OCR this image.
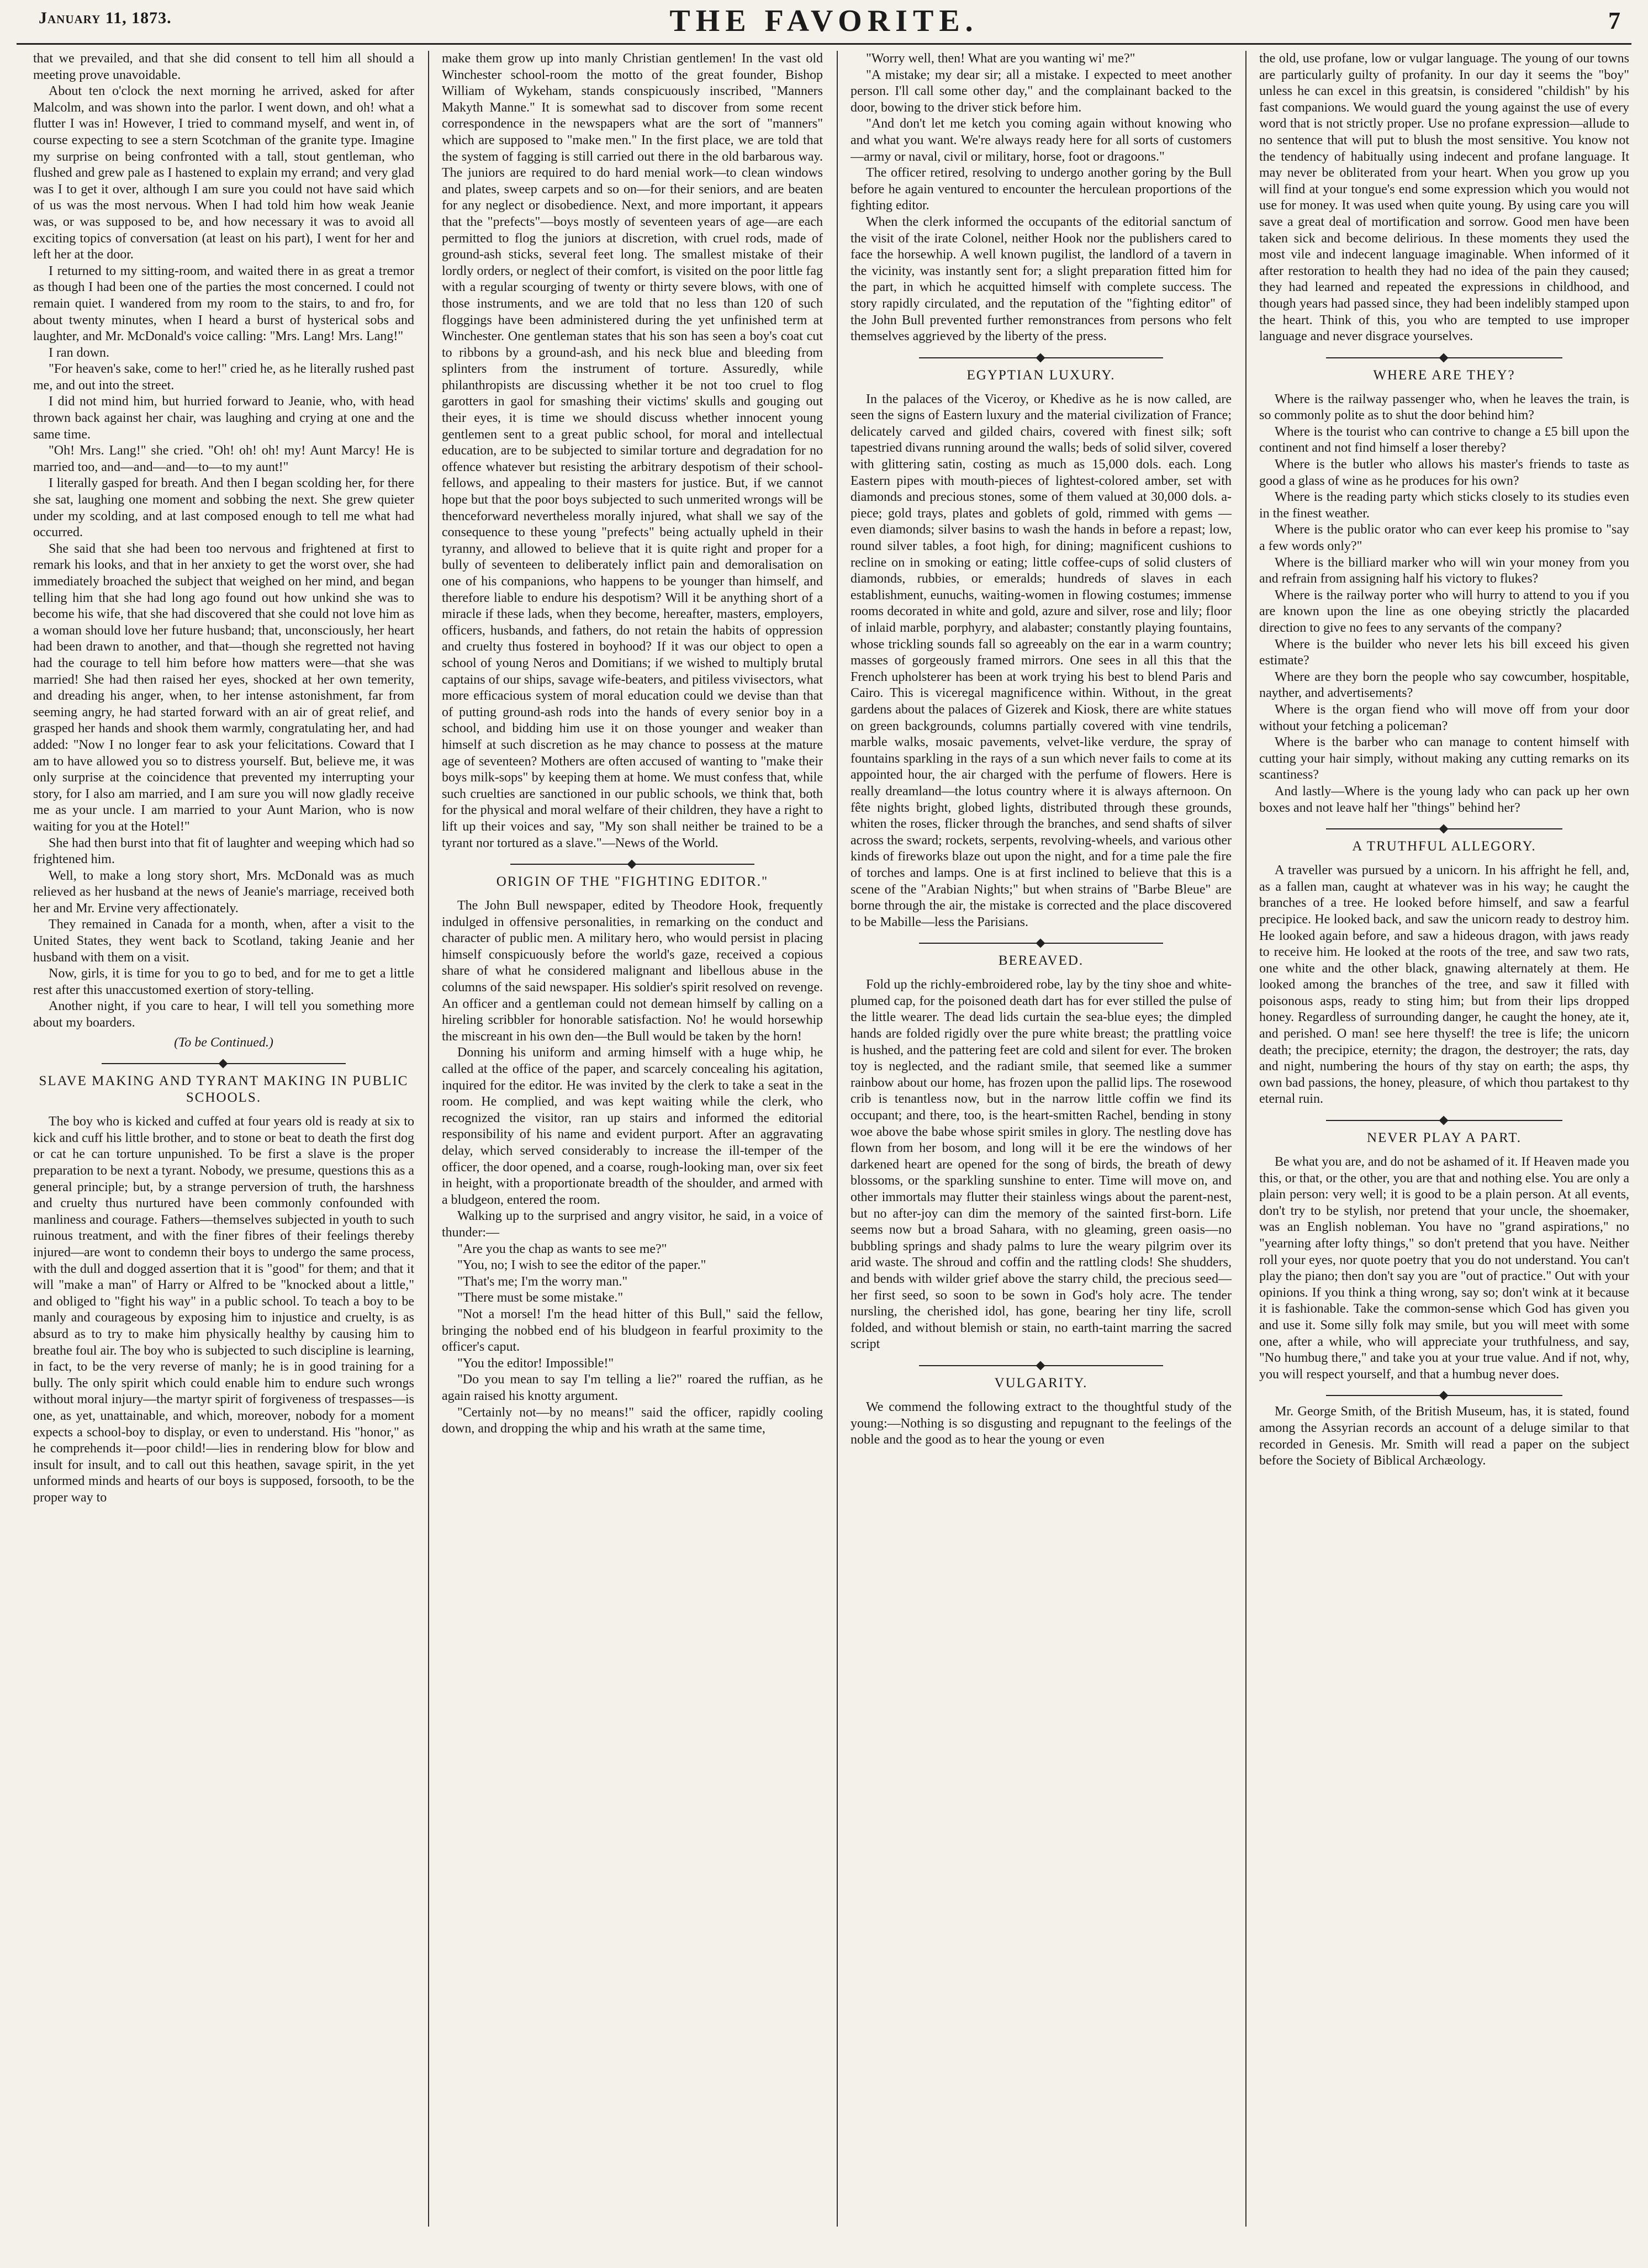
January 11, 1873.	THE FAVORITE.	7

that we prevailed, and that she did consent to tell him all should a meeting prove unavoidable.

About ten o'clock the next morning he arrived, asked for after Malcolm, and was shown into the parlor. I went down, and oh! what a flutter I was in! However, I tried to command myself, and went in, of course expecting to see a stern Scotchman of the granite type. Imagine my surprise on being confronted with a tall, stout gentleman, who flushed and grew pale as I hastened to explain my errand; and very glad was I to get it over, although I am sure you could not have said which of us was the most nervous. When I had told him how weak Jeanie was, or was supposed to be, and how necessary it was to avoid all exciting topics of conversation (at least on his part), I went for her and left her at the door.

I returned to my sitting-room, and waited there in as great a tremor as though I had been one of the parties the most concerned. I could not remain quiet. I wandered from my room to the stairs, to and fro, for about twenty minutes, when I heard a burst of hysterical sobs and laughter, and Mr. McDonald's voice calling: "Mrs. Lang! Mrs. Lang!"

I ran down.

"For heaven's sake, come to her!" cried he, as he literally rushed past me, and out into the street.

I did not mind him, but hurried forward to Jeanie, who, with head thrown back against her chair, was laughing and crying at one and the same time.

"Oh! Mrs. Lang!" she cried. "Oh! oh! oh! my! Aunt Marcy! He is married too, and—and—and—to—to my aunt!"

I literally gasped for breath. And then I began scolding her, for there she sat, laughing one moment and sobbing the next. She grew quieter under my scolding, and at last composed enough to tell me what had occurred.

She said that she had been too nervous and frightened at first to remark his looks, and that in her anxiety to get the worst over, she had immediately broached the subject that weighed on her mind, and began telling him that she had long ago found out how unkind she was to become his wife, that she had discovered that she could not love him as a woman should love her future husband; that, unconsciously, her heart had been drawn to another, and that—though she regretted not having had the courage to tell him before how matters were—that she was married! She had then raised her eyes, shocked at her own temerity, and dreading his anger, when, to her intense astonishment, far from seeming angry, he had started forward with an air of great relief, and grasped her hands and shook them warmly, congratulating her, and had added: "Now I no longer fear to ask your felicitations. Coward that I am to have allowed you so to distress yourself. But, believe me, it was only surprise at the coincidence that prevented my interrupting your story, for I also am married, and I am sure you will now gladly receive me as your uncle. I am married to your Aunt Marion, who is now waiting for you at the Hotel!"

She had then burst into that fit of laughter and weeping which had so frightened him.

Well, to make a long story short, Mrs. McDonald was as much relieved as her husband at the news of Jeanie's marriage, received both her and Mr. Ervine very affectionately.

They remained in Canada for a month, when, after a visit to the United States, they went back to Scotland, taking Jeanie and her husband with them on a visit.

Now, girls, it is time for you to go to bed, and for me to get a little rest after this unaccustomed exertion of story-telling.

Another night, if you care to hear, I will tell you something more about my boarders.

(To be Continued.)
SLAVE MAKING AND TYRANT MAKING IN PUBLIC SCHOOLS.

The boy who is kicked and cuffed at four years old is ready at six to kick and cuff his little brother, and to stone or beat to death the first dog or cat he can torture unpunished. To be first a slave is the proper preparation to be next a tyrant. Nobody, we presume, questions this as a general principle; but, by a strange perversion of truth, the harshness and cruelty thus nurtured have been commonly confounded with manliness and courage. Fathers—themselves subjected in youth to such ruinous treatment, and with the finer fibres of their feelings thereby injured—are wont to condemn their boys to undergo the same process, with the dull and dogged assertion that it is "good" for them; and that it will "make a man" of Harry or Alfred to be "knocked about a little," and obliged to "fight his way" in a public school. To teach a boy to be manly and courageous by exposing him to injustice and cruelty, is as absurd as to try to make him physically healthy by causing him to breathe foul air. The boy who is subjected to such discipline is learning, in fact, to be the very reverse of manly; he is in good training for a bully. The only spirit which could enable him to endure such wrongs without moral injury—the martyr spirit of forgiveness of trespasses—is one, as yet, unattainable, and which, moreover, nobody for a moment expects a school-boy to display, or even to understand. His "honor," as he comprehends it—poor child!—lies in rendering blow for blow and insult for insult, and to call out this heathen, savage spirit, in the yet unformed minds and hearts of our boys is supposed, forsooth, to be the proper way to

make them grow up into manly Christian gentlemen! In the vast old Winchester school-room the motto of the great founder, Bishop William of Wykeham, stands conspicuously inscribed, "Manners Makyth Manne." It is somewhat sad to discover from some recent correspondence in the newspapers what are the sort of "manners" which are supposed to "make men." In the first place, we are told that the system of fagging is still carried out there in the old barbarous way. The juniors are required to do hard menial work—to clean windows and plates, sweep carpets and so on—for their seniors, and are beaten for any neglect or disobedience. Next, and more important, it appears that the "prefects"—boys mostly of seventeen years of age—are each permitted to flog the juniors at discretion, with cruel rods, made of ground-ash sticks, several feet long. The smallest mistake of their lordly orders, or neglect of their comfort, is visited on the poor little fag with a regular scourging of twenty or thirty severe blows, with one of those instruments, and we are told that no less than 120 of such floggings have been administered during the yet unfinished term at Winchester. One gentleman states that his son has seen a boy's coat cut to ribbons by a ground-ash, and his neck blue and bleeding from splinters from the instrument of torture. Assuredly, while philanthropists are discussing whether it be not too cruel to flog garotters in gaol for smashing their victims' skulls and gouging out their eyes, it is time we should discuss whether innocent young gentlemen sent to a great public school, for moral and intellectual education, are to be subjected to similar torture and degradation for no offence whatever but resisting the arbitrary despotism of their school-fellows, and appealing to their masters for justice. But, if we cannot hope but that the poor boys subjected to such unmerited wrongs will be thenceforward nevertheless morally injured, what shall we say of the consequence to these young "prefects" being actually upheld in their tyranny, and allowed to believe that it is quite right and proper for a bully of seventeen to deliberately inflict pain and demoralisation on one of his companions, who happens to be younger than himself, and therefore liable to endure his despotism? Will it be anything short of a miracle if these lads, when they become, hereafter, masters, employers, officers, husbands, and fathers, do not retain the habits of oppression and cruelty thus fostered in boyhood? If it was our object to open a school of young Neros and Domitians; if we wished to multiply brutal captains of our ships, savage wife-beaters, and pitiless vivisectors, what more efficacious system of moral education could we devise than that of putting ground-ash rods into the hands of every senior boy in a school, and bidding him use it on those younger and weaker than himself at such discretion as he may chance to possess at the mature age of seventeen? Mothers are often accused of wanting to "make their boys milk-sops" by keeping them at home. We must confess that, while such cruelties are sanctioned in our public schools, we think that, both for the physical and moral welfare of their children, they have a right to lift up their voices and say, "My son shall neither be trained to be a tyrant nor tortured as a slave."—News of the World.

ORIGIN OF THE "FIGHTING EDITOR."

The John Bull newspaper, edited by Theodore Hook, frequently indulged in offensive personalities, in remarking on the conduct and character of public men. A military hero, who would persist in placing himself conspicuously before the world's gaze, received a copious share of what he considered malignant and libellous abuse in the columns of the said newspaper. His soldier's spirit resolved on revenge. An officer and a gentleman could not demean himself by calling on a hireling scribbler for honorable satisfaction. No! he would horsewhip the miscreant in his own den—the Bull would be taken by the horn!

Donning his uniform and arming himself with a huge whip, he called at the office of the paper, and scarcely concealing his agitation, inquired for the editor. He was invited by the clerk to take a seat in the room. He complied, and was kept waiting while the clerk, who recognized the visitor, ran up stairs and informed the editorial responsibility of his name and evident purport. After an aggravating delay, which served considerably to increase the ill-temper of the officer, the door opened, and a coarse, rough-looking man, over six feet in height, with a proportionate breadth of the shoulder, and armed with a bludgeon, entered the room.

Walking up to the surprised and angry visitor, he said, in a voice of thunder:—

"Are you the chap as wants to see me?"

"You, no; I wish to see the editor of the paper."

"That's me; I'm the worry man."

"There must be some mistake."

"Not a morsel! I'm the head hitter of this Bull," said the fellow, bringing the nobbed end of his bludgeon in fearful proximity to the officer's caput.

"You the editor! Impossible!"

"Do you mean to say I'm telling a lie?" roared the ruffian, as he again raised his knotty argument.

"Certainly not—by no means!" said the officer, rapidly cooling down, and dropping the whip and his wrath at the same time,

"Worry well, then! What are you wanting wi' me?"

"A mistake; my dear sir; all a mistake. I expected to meet another person. I'll call some other day," and the complainant backed to the door, bowing to the driver stick before him.

"And don't let me ketch you coming again without knowing who and what you want. We're always ready here for all sorts of customers—army or naval, civil or military, horse, foot or dragoons."

The officer retired, resolving to undergo another goring by the Bull before he again ventured to encounter the herculean proportions of the fighting editor.

When the clerk informed the occupants of the editorial sanctum of the visit of the irate Colonel, neither Hook nor the publishers cared to face the horsewhip. A well known pugilist, the landlord of a tavern in the vicinity, was instantly sent for; a slight preparation fitted him for the part, in which he acquitted himself with complete success. The story rapidly circulated, and the reputation of the "fighting editor" of the John Bull prevented further remonstrances from persons who felt themselves aggrieved by the liberty of the press.

EGYPTIAN LUXURY.

In the palaces of the Viceroy, or Khedive as he is now called, are seen the signs of Eastern luxury and the material civilization of France; delicately carved and gilded chairs, covered with finest silk; soft tapestried divans running around the walls; beds of solid silver, covered with glittering satin, costing as much as 15,000 dols. each. Long Eastern pipes with mouth-pieces of lightest-colored amber, set with diamonds and precious stones, some of them valued at 30,000 dols. a-piece; gold trays, plates and goblets of gold, rimmed with gems — even diamonds; silver basins to wash the hands in before a repast; low, round silver tables, a foot high, for dining; magnificent cushions to recline on in smoking or eating; little coffee-cups of solid clusters of diamonds, rubbies, or emeralds; hundreds of slaves in each establishment, eunuchs, waiting-women in flowing costumes; immense rooms decorated in white and gold, azure and silver, rose and lily; floor of inlaid marble, porphyry, and alabaster; constantly playing fountains, whose trickling sounds fall so agreeably on the ear in a warm country; masses of gorgeously framed mirrors. One sees in all this that the French upholsterer has been at work trying his best to blend Paris and Cairo. This is viceregal magnificence within. Without, in the great gardens about the palaces of Gizerek and Kiosk, there are white statues on green backgrounds, columns partially covered with vine tendrils, marble walks, mosaic pavements, velvet-like verdure, the spray of fountains sparkling in the rays of a sun which never fails to come at its appointed hour, the air charged with the perfume of flowers. Here is really dreamland—the lotus country where it is always afternoon. On fête nights bright, globed lights, distributed through these grounds, whiten the roses, flicker through the branches, and send shafts of silver across the sward; rockets, serpents, revolving-wheels, and various other kinds of fireworks blaze out upon the night, and for a time pale the fire of torches and lamps. One is at first inclined to believe that this is a scene of the "Arabian Nights;" but when strains of "Barbe Bleue" are borne through the air, the mistake is corrected and the place discovered to be Mabille—less the Parisians.

BEREAVED.

Fold up the richly-embroidered robe, lay by the tiny shoe and white-plumed cap, for the poisoned death dart has for ever stilled the pulse of the little wearer. The dead lids curtain the sea-blue eyes; the dimpled hands are folded rigidly over the pure white breast; the prattling voice is hushed, and the pattering feet are cold and silent for ever. The broken toy is neglected, and the radiant smile, that seemed like a summer rainbow about our home, has frozen upon the pallid lips. The rosewood crib is tenantless now, but in the narrow little coffin we find its occupant; and there, too, is the heart-smitten Rachel, bending in stony woe above the babe whose spirit smiles in glory. The nestling dove has flown from her bosom, and long will it be ere the windows of her darkened heart are opened for the song of birds, the breath of dewy blossoms, or the sparkling sunshine to enter. Time will move on, and other immortals may flutter their stainless wings about the parent-nest, but no after-joy can dim the memory of the sainted first-born. Life seems now but a broad Sahara, with no gleaming, green oasis—no bubbling springs and shady palms to lure the weary pilgrim over its arid waste. The shroud and coffin and the rattling clods! She shudders, and bends with wilder grief above the starry child, the precious seed—her first seed, so soon to be sown in God's holy acre. The tender nursling, the cherished idol, has gone, bearing her tiny life, scroll folded, and without blemish or stain, no earth-taint marring the sacred script

VULGARITY.

We commend the following extract to the thoughtful study of the young:—Nothing is so disgusting and repugnant to the feelings of the noble and the good as to hear the young or even

the old, use profane, low or vulgar language. The young of our towns are particularly guilty of profanity. In our day it seems the "boy" unless he can excel in this greatsin, is considered "childish" by his fast companions. We would guard the young against the use of every word that is not strictly proper. Use no profane expression—allude to no sentence that will put to blush the most sensitive. You know not the tendency of habitually using indecent and profane language. It may never be obliterated from your heart. When you grow up you will find at your tongue's end some expression which you would not use for money. It was used when quite young. By using care you will save a great deal of mortification and sorrow. Good men have been taken sick and become delirious. In these moments they used the most vile and indecent language imaginable. When informed of it after restoration to health they had no idea of the pain they caused; they had learned and repeated the expressions in childhood, and though years had passed since, they had been indelibly stamped upon the heart. Think of this, you who are tempted to use improper language and never disgrace yourselves.

WHERE ARE THEY?

Where is the railway passenger who, when he leaves the train, is so commonly polite as to shut the door behind him?

Where is the tourist who can contrive to change a £5 bill upon the continent and not find himself a loser thereby?

Where is the butler who allows his master's friends to taste as good a glass of wine as he produces for his own?

Where is the reading party which sticks closely to its studies even in the finest weather.

Where is the public orator who can ever keep his promise to "say a few words only?"

Where is the billiard marker who will win your money from you and refrain from assigning half his victory to flukes?

Where is the railway porter who will hurry to attend to you if you are known upon the line as one obeying strictly the placarded direction to give no fees to any servants of the company?

Where is the builder who never lets his bill exceed his given estimate?

Where are they born the people who say cowcumber, hospitable, nayther, and advertisements?

Where is the organ fiend who will move off from your door without your fetching a policeman?

Where is the barber who can manage to content himself with cutting your hair simply, without making any cutting remarks on its scantiness?

And lastly—Where is the young lady who can pack up her own boxes and not leave half her "things" behind her?

A TRUTHFUL ALLEGORY.

A traveller was pursued by a unicorn. In his affright he fell, and, as a fallen man, caught at whatever was in his way; he caught the branches of a tree. He looked before himself, and saw a fearful precipice. He looked back, and saw the unicorn ready to destroy him. He looked again before, and saw a hideous dragon, with jaws ready to receive him. He looked at the roots of the tree, and saw two rats, one white and the other black, gnawing alternately at them. He looked among the branches of the tree, and saw it filled with poisonous asps, ready to sting him; but from their lips dropped honey. Regardless of surrounding danger, he caught the honey, ate it, and perished. O man! see here thyself! the tree is life; the unicorn death; the precipice, eternity; the dragon, the destroyer; the rats, day and night, numbering the hours of thy stay on earth; the asps, thy own bad passions, the honey, pleasure, of which thou partakest to thy eternal ruin.

NEVER PLAY A PART.

Be what you are, and do not be ashamed of it. If Heaven made you this, or that, or the other, you are that and nothing else. You are only a plain person: very well; it is good to be a plain person. At all events, don't try to be stylish, nor pretend that your uncle, the shoemaker, was an English nobleman. You have no "grand aspirations," no "yearning after lofty things," so don't pretend that you have. Neither roll your eyes, nor quote poetry that you do not understand. You can't play the piano; then don't say you are "out of practice." Out with your opinions. If you think a thing wrong, say so; don't wink at it because it is fashionable. Take the common-sense which God has given you and use it. Some silly folk may smile, but you will meet with some one, after a while, who will appreciate your truthfulness, and say, "No humbug there," and take you at your true value. And if not, why, you will respect yourself, and that a humbug never does.

Mr. George Smith, of the British Museum, has, it is stated, found among the Assyrian records an account of a deluge similar to that recorded in Genesis. Mr. Smith will read a paper on the subject before the Society of Biblical Archæology.
